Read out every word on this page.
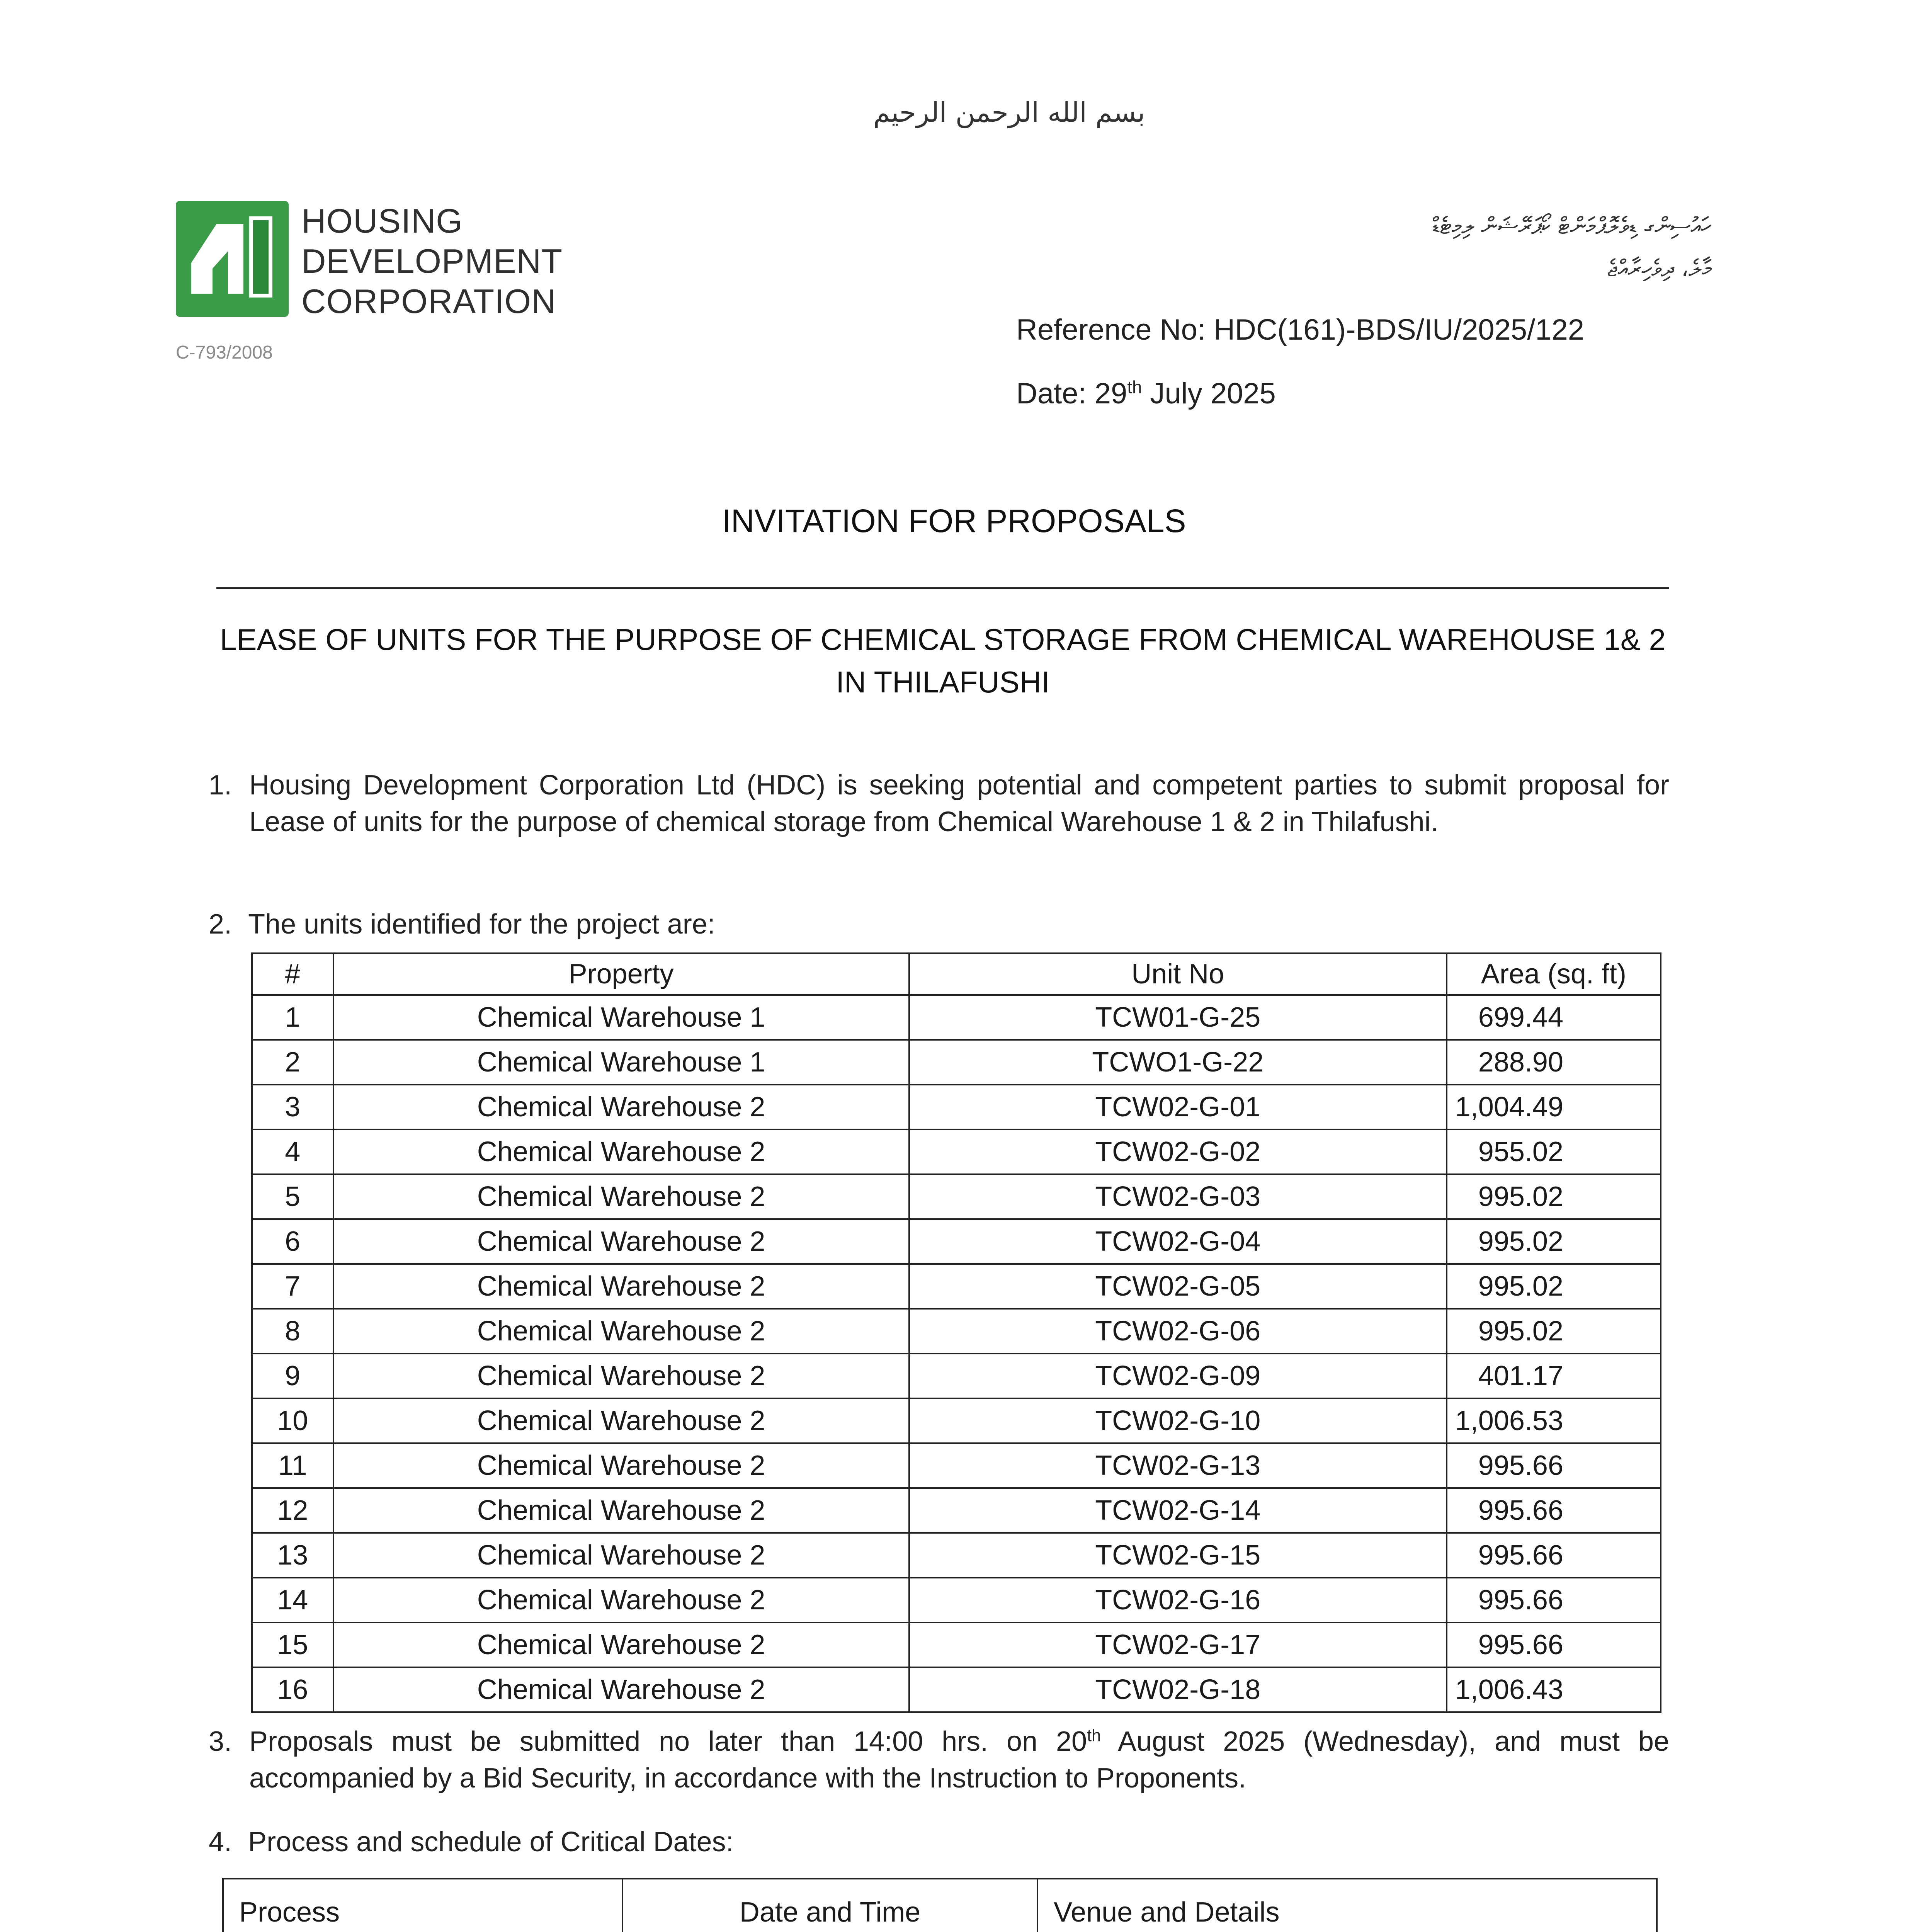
بسم الله الرحمن الرحيم
HOUSING
DEVELOPMENT
CORPORATION
C-793/2008
ހައުސިންގ ޑިވެލޮޕްމަންޓް ކޯޕަރޭޝަން ލިމިޓެޑް
މާލެ، ދިވެހިރާއްޖެ
Reference No: HDC(161)-BDS/IU/2025/122
Date: 29th July 2025
INVITATION FOR PROPOSALS
LEASE OF UNITS FOR THE PURPOSE OF CHEMICAL STORAGE FROM CHEMICAL WAREHOUSE 1& 2
IN THILAFUSHI
1. Housing Development Corporation Ltd (HDC) is seeking potential and competent parties to submit proposal for Lease of units for the purpose of chemical storage from Chemical Warehouse 1 & 2 in Thilafushi.
2. The units identified for the project are:
#	Property	Unit No	Area (sq. ft)
1	Chemical Warehouse 1	TCW01-G-25	699.44
2	Chemical Warehouse 1	TCWO1-G-22	288.90
3	Chemical Warehouse 2	TCW02-G-01	1,004.49
4	Chemical Warehouse 2	TCW02-G-02	955.02
5	Chemical Warehouse 2	TCW02-G-03	995.02
6	Chemical Warehouse 2	TCW02-G-04	995.02
7	Chemical Warehouse 2	TCW02-G-05	995.02
8	Chemical Warehouse 2	TCW02-G-06	995.02
9	Chemical Warehouse 2	TCW02-G-09	401.17
10	Chemical Warehouse 2	TCW02-G-10	1,006.53
11	Chemical Warehouse 2	TCW02-G-13	995.66
12	Chemical Warehouse 2	TCW02-G-14	995.66
13	Chemical Warehouse 2	TCW02-G-15	995.66
14	Chemical Warehouse 2	TCW02-G-16	995.66
15	Chemical Warehouse 2	TCW02-G-17	995.66
16	Chemical Warehouse 2	TCW02-G-18	1,006.43
3. Proposals must be submitted no later than 14:00 hrs. on 20th August 2025 (Wednesday), and must be accompanied by a Bid Security, in accordance with the Instruction to Proponents.
4. Process and schedule of Critical Dates:
Process	Date and Time	Venue and Details
